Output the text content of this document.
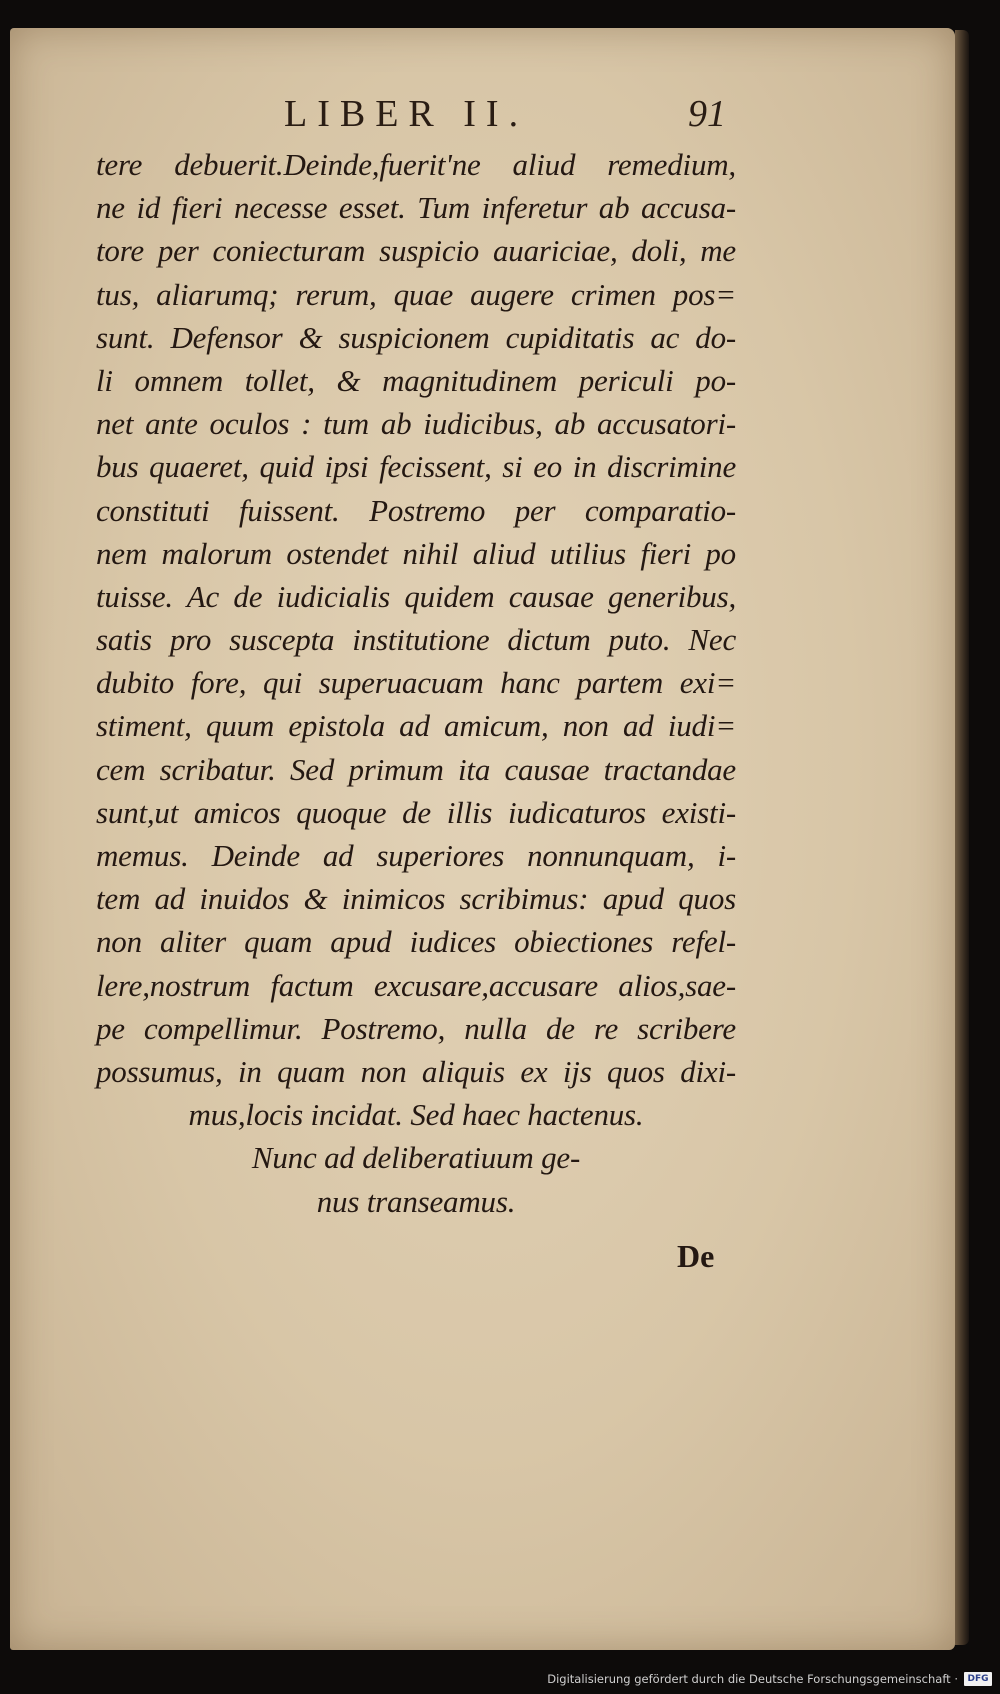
LIBER II.	91
tere debuerit.Deinde,fuerit'ne aliud remedium,
ne id fieri necesse esset. Tum inferetur ab accusa-
tore per coniecturam suspicio auariciae, doli, me
tus, aliarumq; rerum, quae augere crimen pos=
sunt. Defensor & suspicionem cupiditatis ac do-
li omnem tollet, & magnitudinem periculi po-
net ante oculos : tum ab iudicibus, ab accusatori-
bus quaeret, quid ipsi fecissent, si eo in discrimine
constituti fuissent. Postremo per comparatio-
nem malorum ostendet nihil aliud utilius fieri po
tuisse. Ac de iudicialis quidem causae generibus,
satis pro suscepta institutione dictum puto. Nec
dubito fore, qui superuacuam hanc partem exi=
stiment, quum epistola ad amicum, non ad iudi=
cem scribatur. Sed primum ita causae tractandae
sunt,ut amicos quoque de illis iudicaturos existi-
memus. Deinde ad superiores nonnunquam, i-
tem ad inuidos & inimicos scribimus: apud quos
non aliter quam apud iudices obiectiones refel-
lere,nostrum factum excusare,accusare alios,sae-
pe compellimur. Postremo, nulla de re scribere
possumus, in quam non aliquis ex ijs quos dixi-
mus,locis incidat. Sed haec hactenus.
Nunc ad deliberatiuum ge-
nus transeamus.
De
Digitalisierung gefördert durch die Deutsche Forschungsgemeinschaft ·	DFG
